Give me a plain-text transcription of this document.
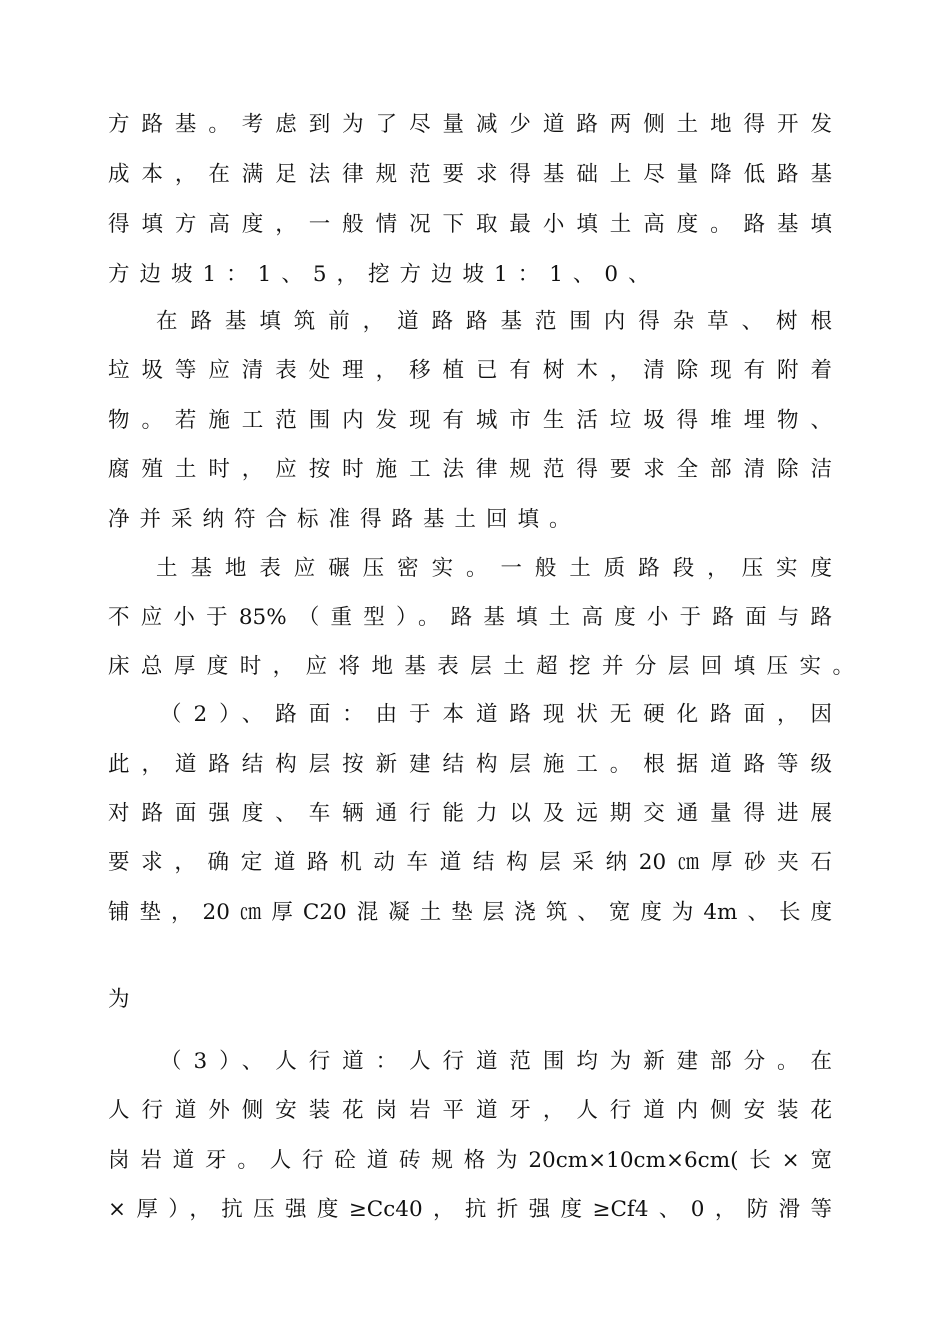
方路基。考虑到为了尽量减少道路两侧土地得开发
成本，在满足法律规范要求得基础上尽量降低路基
得填方高度，一般情况下取最小填土高度。路基填
方边坡1：1、5，挖方边坡1：1、0、
在路基填筑前，道路路基范围内得杂草、树根
垃圾等应清表处理，移植已有树木，清除现有附着
物。若施工范围内发现有城市生活垃圾得堆埋物、
腐殖土时，应按时施工法律规范得要求全部清除洁
净并采纳符合标准得路基土回填。
土基地表应碾压密实。一般土质路段，压实度
不应小于85%（重型）。路基填土高度小于路面与路
床总厚度时，应将地基表层土超挖并分层回填压实。
（2）、路面：由于本道路现状无硬化路面，因
此，道路结构层按新建结构层施工。根据道路等级
对路面强度、车辆通行能力以及远期交通量得进展
要求，确定道路机动车道结构层采纳20㎝厚砂夹石
铺垫，20㎝厚C20混凝土垫层浇筑、宽度为4m、长度
为
（3）、人行道：人行道范围均为新建部分。在
人行道外侧安装花岗岩平道牙，人行道内侧安装花
岗岩道牙。人行砼道砖规格为20cm×10cm×6cm(长×宽
×厚），抗压强度≥Cc40，抗折强度≥Cf4、0，防滑等
